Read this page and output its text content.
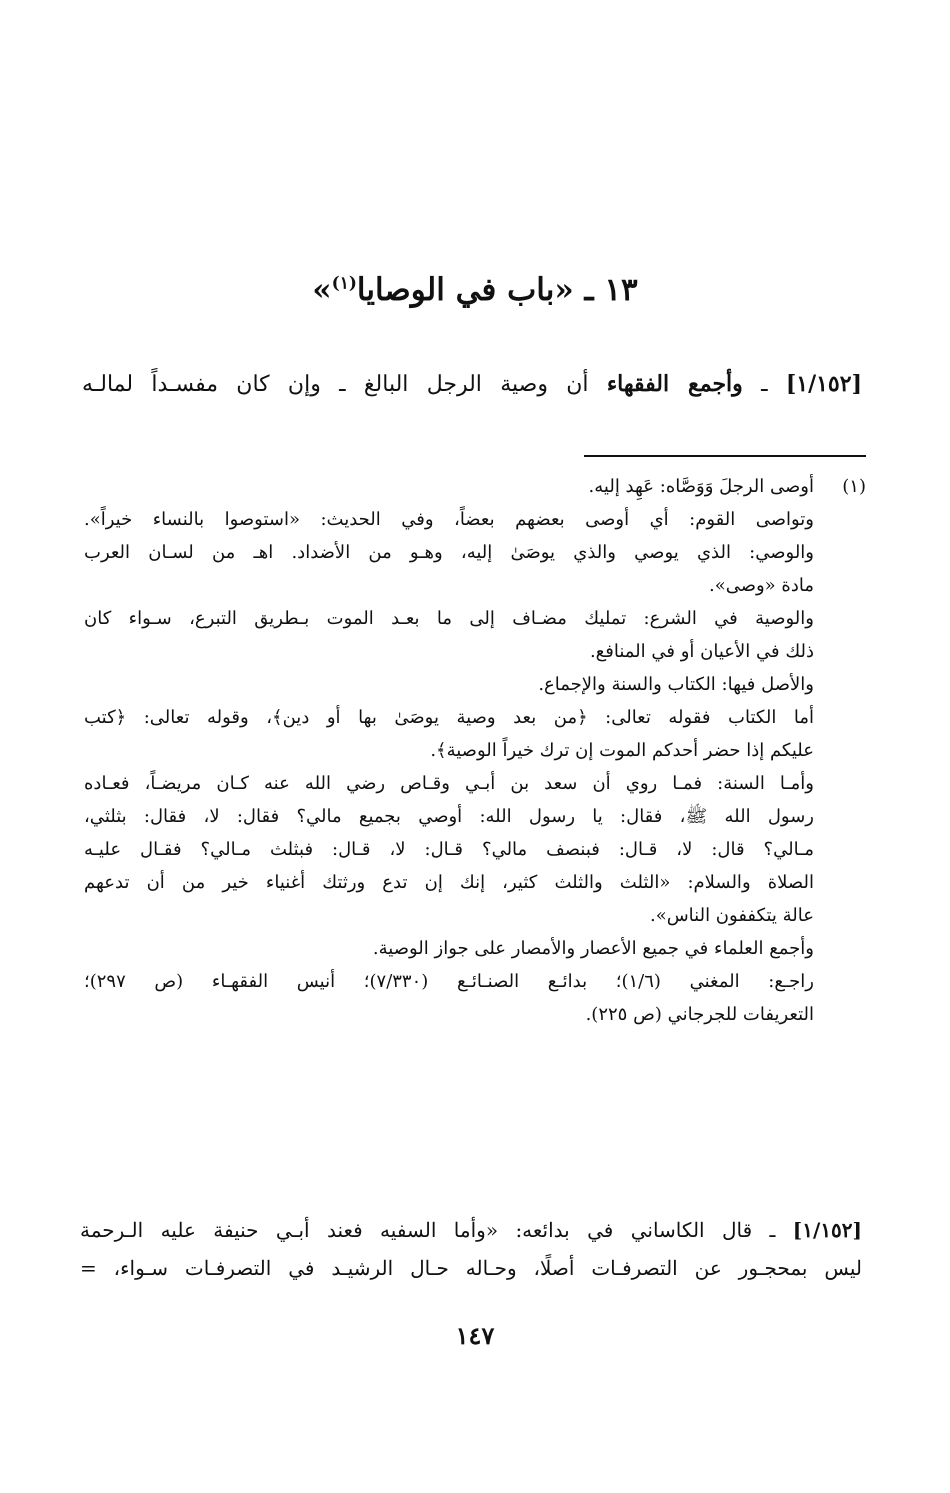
١٣ ـ «باب في الوصايا$^{(١)}$»
[١/١٥٢] ـ وأجمع الفقهاء أن وصية الرجل البالغ ـ وإن كان مفسـداً لمالـه
(١)
أوصى الرجلَ وَوَصَّاه: عَهِد إليه.
وتواصى القوم: أي أوصى بعضهم بعضاً، وفي الحديث: «استوصوا بالنساء خيراً».
والوصي: الذي يوصي والذي يوصَىٰ إليه، وهـو من الأضداد. اهـ من لسـان العرب
مادة «وصى».
والوصية في الشرع: تمليك مضـاف إلى ما بعـد الموت بـطريق التبرع، سـواء كان
ذلك في الأعيان أو في المنافع.
والأصل فيها: الكتاب والسنة والإجماع.
أما الكتاب فقوله تعالى: ﴿من بعد وصية يوصَىٰ بها أو دين﴾، وقوله تعالى: ﴿كتب
عليكم إذا حضر أحدكم الموت إن ترك خيراً الوصية﴾.
وأمـا السنة: فمـا روي أن سعد بن أبـي وقـاص رضي الله عنه كـان مريضـاً، فعـاده
رسول الله ﷺ، فقال: يا رسول الله: أوصي بجميع مالي؟ فقال: لا، فقال: بثلثي،
مـالي؟ قال: لا، قـال: فبنصف مالي؟ قـال: لا، قـال: فبثلث مـالي؟ فقـال عليـه
الصلاة والسلام: «الثلث والثلث كثير، إنك إن تدع ورثتك أغنياء خير من أن تدعهم
عالة يتكففون الناس».
وأجمع العلماء في جميع الأعصار والأمصار على جواز الوصية.
راجـع: المغني (١/٦)؛ بدائـع الصنـائـع (٧/٣٣٠)؛ أنيس الفقهـاء (ص ٢٩٧)؛
التعريفات للجرجاني (ص ٢٢٥).
[١/١٥٢] ـ قال الكاساني في بدائعه: «وأما السفيه فعند أبـي حنيفة عليه الـرحمة
ليس بمحجـور عن التصرفـات أصلًا، وحـاله حـال الرشيـد في التصرفـات سـواء، =
١٤٧
